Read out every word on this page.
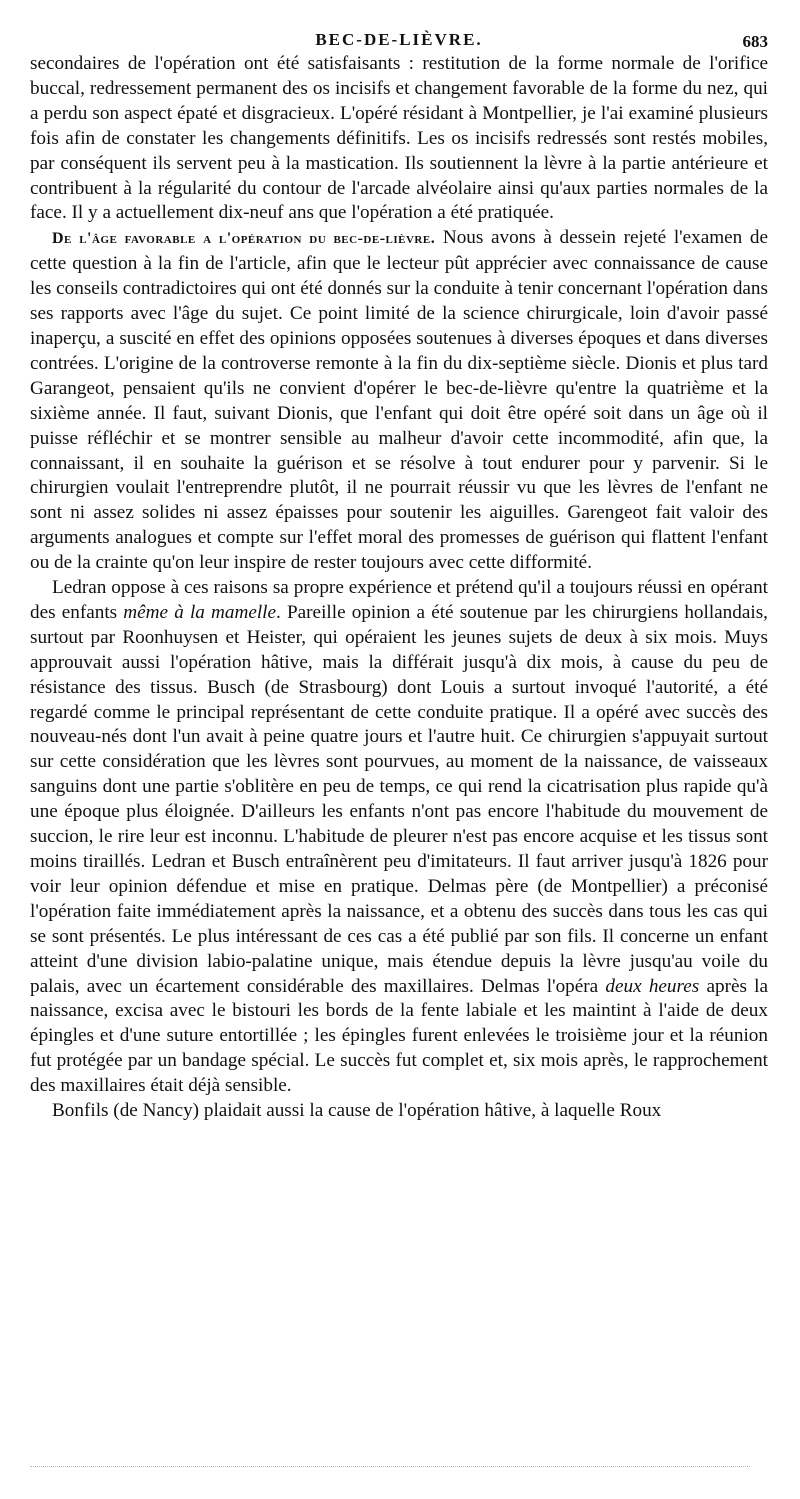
BEC-DE-LIÈVRE.	683

secondaires de l'opération ont été satisfaisants : restitution de la forme normale de l'orifice buccal, redressement permanent des os incisifs et changement favorable de la forme du nez, qui a perdu son aspect épaté et disgracieux. L'opéré résidant à Montpellier, je l'ai examiné plusieurs fois afin de constater les changements définitifs. Les os incisifs redressés sont restés mobiles, par conséquent ils servent peu à la mastication. Ils soutiennent la lèvre à la partie antérieure et contribuent à la régularité du contour de l'arcade alvéolaire ainsi qu'aux parties normales de la face. Il y a actuellement dix-neuf ans que l'opération a été pratiquée.

De l'âge favorable a l'opération du bec-de-lièvre. Nous avons à dessein rejeté l'examen de cette question à la fin de l'article, afin que le lecteur pût apprécier avec connaissance de cause les conseils contradictoires qui ont été donnés sur la conduite à tenir concernant l'opération dans ses rapports avec l'âge du sujet. Ce point limité de la science chirurgicale, loin d'avoir passé inaperçu, a suscité en effet des opinions opposées soutenues à diverses époques et dans diverses contrées. L'origine de la controverse remonte à la fin du dix-septième siècle. Dionis et plus tard Garangeot, pensaient qu'ils ne convient d'opérer le bec-de-lièvre qu'entre la quatrième et la sixième année. Il faut, suivant Dionis, que l'enfant qui doit être opéré soit dans un âge où il puisse réfléchir et se montrer sensible au malheur d'avoir cette incommodité, afin que, la connaissant, il en souhaite la guérison et se résolve à tout endurer pour y parvenir. Si le chirurgien voulait l'entreprendre plutôt, il ne pourrait réussir vu que les lèvres de l'enfant ne sont ni assez solides ni assez épaisses pour soutenir les aiguilles. Garengeot fait valoir des arguments analogues et compte sur l'effet moral des promesses de guérison qui flattent l'enfant ou de la crainte qu'on leur inspire de rester toujours avec cette difformité.

Ledran oppose à ces raisons sa propre expérience et prétend qu'il a toujours réussi en opérant des enfants même à la mamelle. Pareille opinion a été soutenue par les chirurgiens hollandais, surtout par Roonhuysen et Heister, qui opéraient les jeunes sujets de deux à six mois. Muys approuvait aussi l'opération hâtive, mais la différait jusqu'à dix mois, à cause du peu de résistance des tissus. Busch (de Strasbourg) dont Louis a surtout invoqué l'autorité, a été regardé comme le principal représentant de cette conduite pratique. Il a opéré avec succès des nouveau-nés dont l'un avait à peine quatre jours et l'autre huit. Ce chirurgien s'appuyait surtout sur cette considération que les lèvres sont pourvues, au moment de la naissance, de vaisseaux sanguins dont une partie s'oblitère en peu de temps, ce qui rend la cicatrisation plus rapide qu'à une époque plus éloignée. D'ailleurs les enfants n'ont pas encore l'habitude du mouvement de succion, le rire leur est inconnu. L'habitude de pleurer n'est pas encore acquise et les tissus sont moins tiraillés. Ledran et Busch entraînèrent peu d'imitateurs. Il faut arriver jusqu'à 1826 pour voir leur opinion défendue et mise en pratique. Delmas père (de Montpellier) a préconisé l'opération faite immédiatement après la naissance, et a obtenu des succès dans tous les cas qui se sont présentés. Le plus intéressant de ces cas a été publié par son fils. Il concerne un enfant atteint d'une division labio-palatine unique, mais étendue depuis la lèvre jusqu'au voile du palais, avec un écartement considérable des maxillaires. Delmas l'opéra deux heures après la naissance, excisa avec le bistouri les bords de la fente labiale et les maintint à l'aide de deux épingles et d'une suture entortillée ; les épingles furent enlevées le troisième jour et la réunion fut protégée par un bandage spécial. Le succès fut complet et, six mois après, le rapprochement des maxillaires était déjà sensible.

Bonfils (de Nancy) plaidait aussi la cause de l'opération hâtive, à laquelle Roux
